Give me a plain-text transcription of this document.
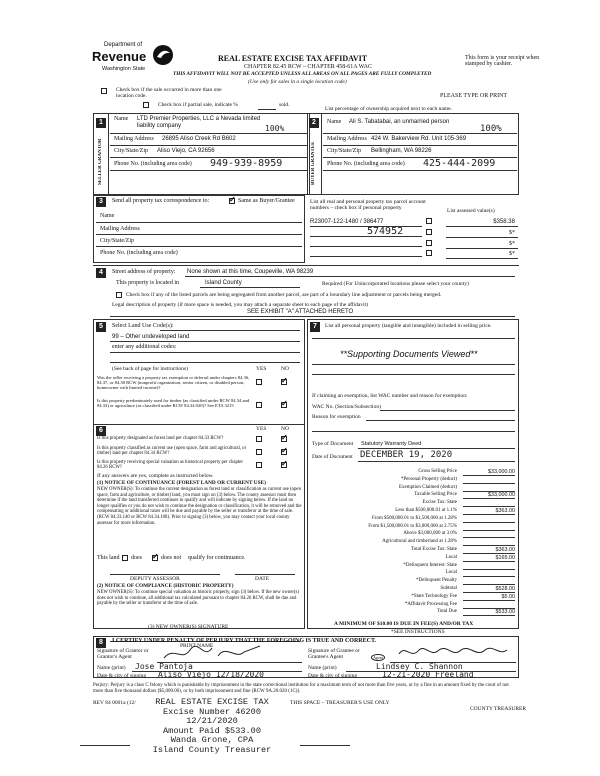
Department of
Revenue
Washington State
REAL ESTATE EXCISE TAX AFFIDAVIT
CHAPTER 82.45 RCW – CHAPTER 458-61A WAC
THIS AFFIDAVIT WILL NOT BE ACCEPTED UNLESS ALL AREAS ON ALL PAGES ARE FULLY COMPLETED
(Use only for sales in a single location code)
This form is your receipt when stamped by cashier.
Check box if the sale occurred in more than one location code.
Check box if partial sale, indicate %	sold.
PLEASE TYPE OR PRINT
List percentage of ownership acquired next to each name.
1	2
SELLER GRANTOR	BUYER GRANTEE
Name LTD Premier Properties, LLC a Nevada limited liability company	100%
Mailing Address 26895 Aliso Creek Rd B602
City/State/Zip Aliso Viejo, CA 92656
Phone No. (including area code) 949-939-8959
Name Ali S. Tabatabai, an unmarried person
100%
Mailing Address 424 W. Bakerview Rd. Unit 105-369
City/State/Zip Bellingham, WA 98226
Phone No. (including area code) 425-444-2099
3	Send all property tax correspondence to: ✓	Same as Buyer/Grantee
Name
Mailing Address
City/State/Zip
Phone No. (including area code)
List all real and personal property tax parcel account numbers – check box if personal property	List assessed value(s)
R23007-122-1480 / 386477
574952
$358.38
$*
$*
$*
4	Street address of property: None shown at this time, Coupeville, WA 98239
This property is located in	Island County	Required (For Unincorporated locations please select your county)
Check box if any of the listed parcels are being segregated from another parcel, are part of a boundary line adjustment or parcels being merged.
Legal description of property (if more space is needed, you may attach a separate sheet to each page of the affidavit)
SEE EXHIBIT "A" ATTACHED HERETO
5	Select Land Use Code(s):
99 – Other undeveloped land
enter any additional codes:
(See back of page for instructions)	YES	NO
Was the seller receiving a property tax exemption or deferral under chapters 84.36, 84.37, or 84.38 RCW (nonprofit organization, senior citizen, or disabled person, homeowner with limited income)?
✓
Is this property predominately used for timber (as classified under RCW 84.34 and 84.33) or agriculture (as classified under RCW 84.34.020)? See ETA 3215
✓
6	YES	NO
Is this property designated as forest land per chapter 84.33 RCW?
✓
Is this property classified as current use (open space, farm and agricultural, or timber) land per chapter 84.34 RCW?
✓
Is this property receiving special valuation as historical property per chapter 84.26 RCW?
✓
If any answers are yes, complete as instructed below.
(1) NOTICE OF CONTINUANCE (FOREST LAND OR CURRENT USE)
NEW OWNER(S): To continue the current designation as forest land or classification as current use (open space, farm and agriculture, or timber) land, you must sign on (3) below. The county assessor must then determine if the land transferred continues to qualify and will indicate by signing below. If the land no longer qualifies or you do not wish to continue the designation or classification, it will be removed and the compensating or additional taxes will be due and payable by the seller or transferor at the time of sale. (RCW 84.33.140 or RCW 84.34.108). Prior to signing (3) below, you may contact your local county assessor for more information.
This land does ✓	does not qualify for continuance.
DEPUTY ASSESSOR	DATE
(2) NOTICE OF COMPLIANCE (HISTORIC PROPERTY)
NEW OWNER(S): To continue special valuation as historic property, sign (3) below. If the new owner(s) does not wish to continue, all additional tax calculated pursuant to chapter 84.26 RCW, shall be due and payable by the seller or transferor at the time of sale.
(3) NEW OWNER(S) SIGNATURE
PRINT NAME
7	List all personal property (tangible and intangible) included in selling price.
**Supporting Documents Viewed**
If claiming an exemption, list WAC number and reason for exemption:
WAC No. (Section/Subsection)
Reason for exemption
Type of Document Statutory Warranty Deed
Date of Document DECEMBER 19, 2020
Gross Selling Price	$33,000.00
*Personal Property (deduct)
Exemption Claimed (deduct)
Taxable Selling Price	$33,000.00
Excise Tax: State
Less than $500,000.01 at 1.1%	$363.00
From $500,000.01 to $1,500,000 at 1.28%
From $1,500,000.01 to $3,000,000 at 2.75%
Above $3,000,000 at 3.0%
Agricultural and timberland at 1.28%
Total Excise Tax: State	$363.00
Local	$165.00
*Delinquent Interest: State
Local
*Delinquent Penalty
Subtotal	$528.00
*State Technology Fee	$5.00
*Affidavit Processing Fee
Total Due	$533.00
A MINIMUM OF $10.00 IS DUE IN FEE(S) AND/OR TAX
*SEE INSTRUCTIONS
8	I CERTIFY UNDER PENALTY OF PERJURY THAT THE FOREGOING IS TRUE AND CORRECT.
Signature of Grantor or Grantor's Agent
Name (print) Jose Pantoja
Date & city of signing Aliso Viejo 12/18/2020
Signature of Grantee or Grantee's Agent	Agent
Name (print)	Lindsey C. Shannon
Date & city of signing	12-21-2020 Freeland
Perjury: Perjury is a class C felony which is punishable by imprisonment in the state correctional institution for a maximum term of not more than five years, or by a fine in an amount fixed by the court of not more than five thousand dollars ($5,000.00), or by both imprisonment and fine (RCW 9A.20.020 (1C)).
REV 84 0001a (12/	THIS SPACE – TREASURER'S USE ONLY
COUNTY TREASURER
REAL ESTATE EXCISE TAX
Excise Number 46200
12/21/2020
Amount Paid $533.00
Wanda Grone, CPA
Island County Treasurer
